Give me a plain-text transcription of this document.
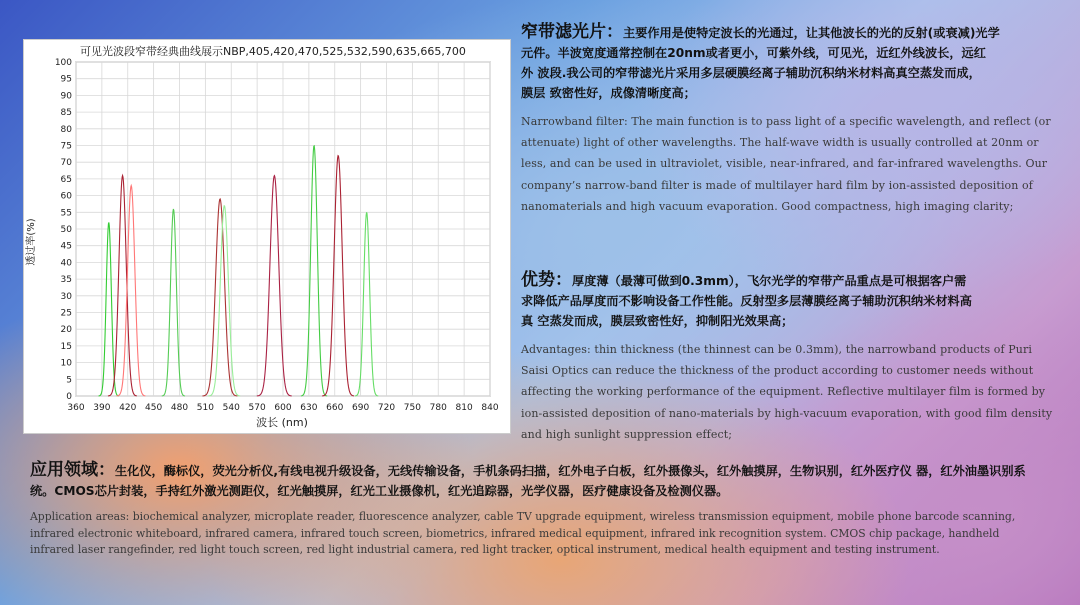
可见光波段窄带经典曲线展示NBP,405,420,470,525,532,590,635,665,700
360 390 420 450 480 510 540 570 600 630 660 690 720 750 780 810 840
0
5
10
15
20
25
30
35
40
45
50
55
60
65
70
75
80
85
90
95
100
波长 (nm)
透过率(%)
窄带滤光片：主要作用是使特定波长的光通过，让其他波长的光的反射(或衰减)光学
元件。半波宽度通常控制在20nm或者更小，可紫外线，可见光，近红外线波长，远红
外 波段.我公司的窄带滤光片采用多层硬膜经离子辅助沉积纳米材料高真空蒸发而成，
膜层 致密性好，成像清晰度高；
Narrowband filter: The main function is to pass light of a specific wavelength, and reflect (or attenuate) light of other wavelengths. The half-wave width is usually controlled at 20nm or less, and can be used in ultraviolet, visible, near-infrared, and far-infrared wavelengths. Our company’s narrow-band filter is made of multilayer hard film by ion-assisted deposition of nanomaterials and high vacuum evaporation. Good compactness, high imaging clarity;
优势：厚度薄（最薄可做到0.3mm），飞尔光学的窄带产品重点是可根据客户需
求降低产品厚度而不影响设备工作性能。反射型多层薄膜经离子辅助沉积纳米材料高
真 空蒸发而成，膜层致密性好，抑制阳光效果高；
Advantages: thin thickness (the thinnest can be 0.3mm), the narrowband products of Puri Saisi Optics can reduce the thickness of the product according to customer needs without affecting the working performance of the equipment. Reflective multilayer film is formed by ion-assisted deposition of nano-materials by high-vacuum evaporation, with good film density and high sunlight suppression effect;
应用领域：生化仪，酶标仪，荧光分析仪,有线电视升级设备，无线传输设备，手机条码扫描，红外电子白板，红外摄像头，红外触摸屏，生物识别，红外医疗仪 器，红外油墨识别系统。CMOS芯片封装，手持红外激光测距仪，红光触摸屏，红光工业摄像机，红光追踪器，光学仪器，医疗健康设备及检测仪器。
Application areas: biochemical analyzer, microplate reader, fluorescence analyzer, cable TV upgrade equipment, wireless transmission equipment, mobile phone barcode scanning, infrared electronic whiteboard, infrared camera, infrared touch screen, biometrics, infrared medical equipment, infrared ink recognition system. CMOS chip package, handheld infrared laser rangefinder, red light touch screen, red light industrial camera, red light tracker, optical instrument, medical health equipment and testing instrument.
